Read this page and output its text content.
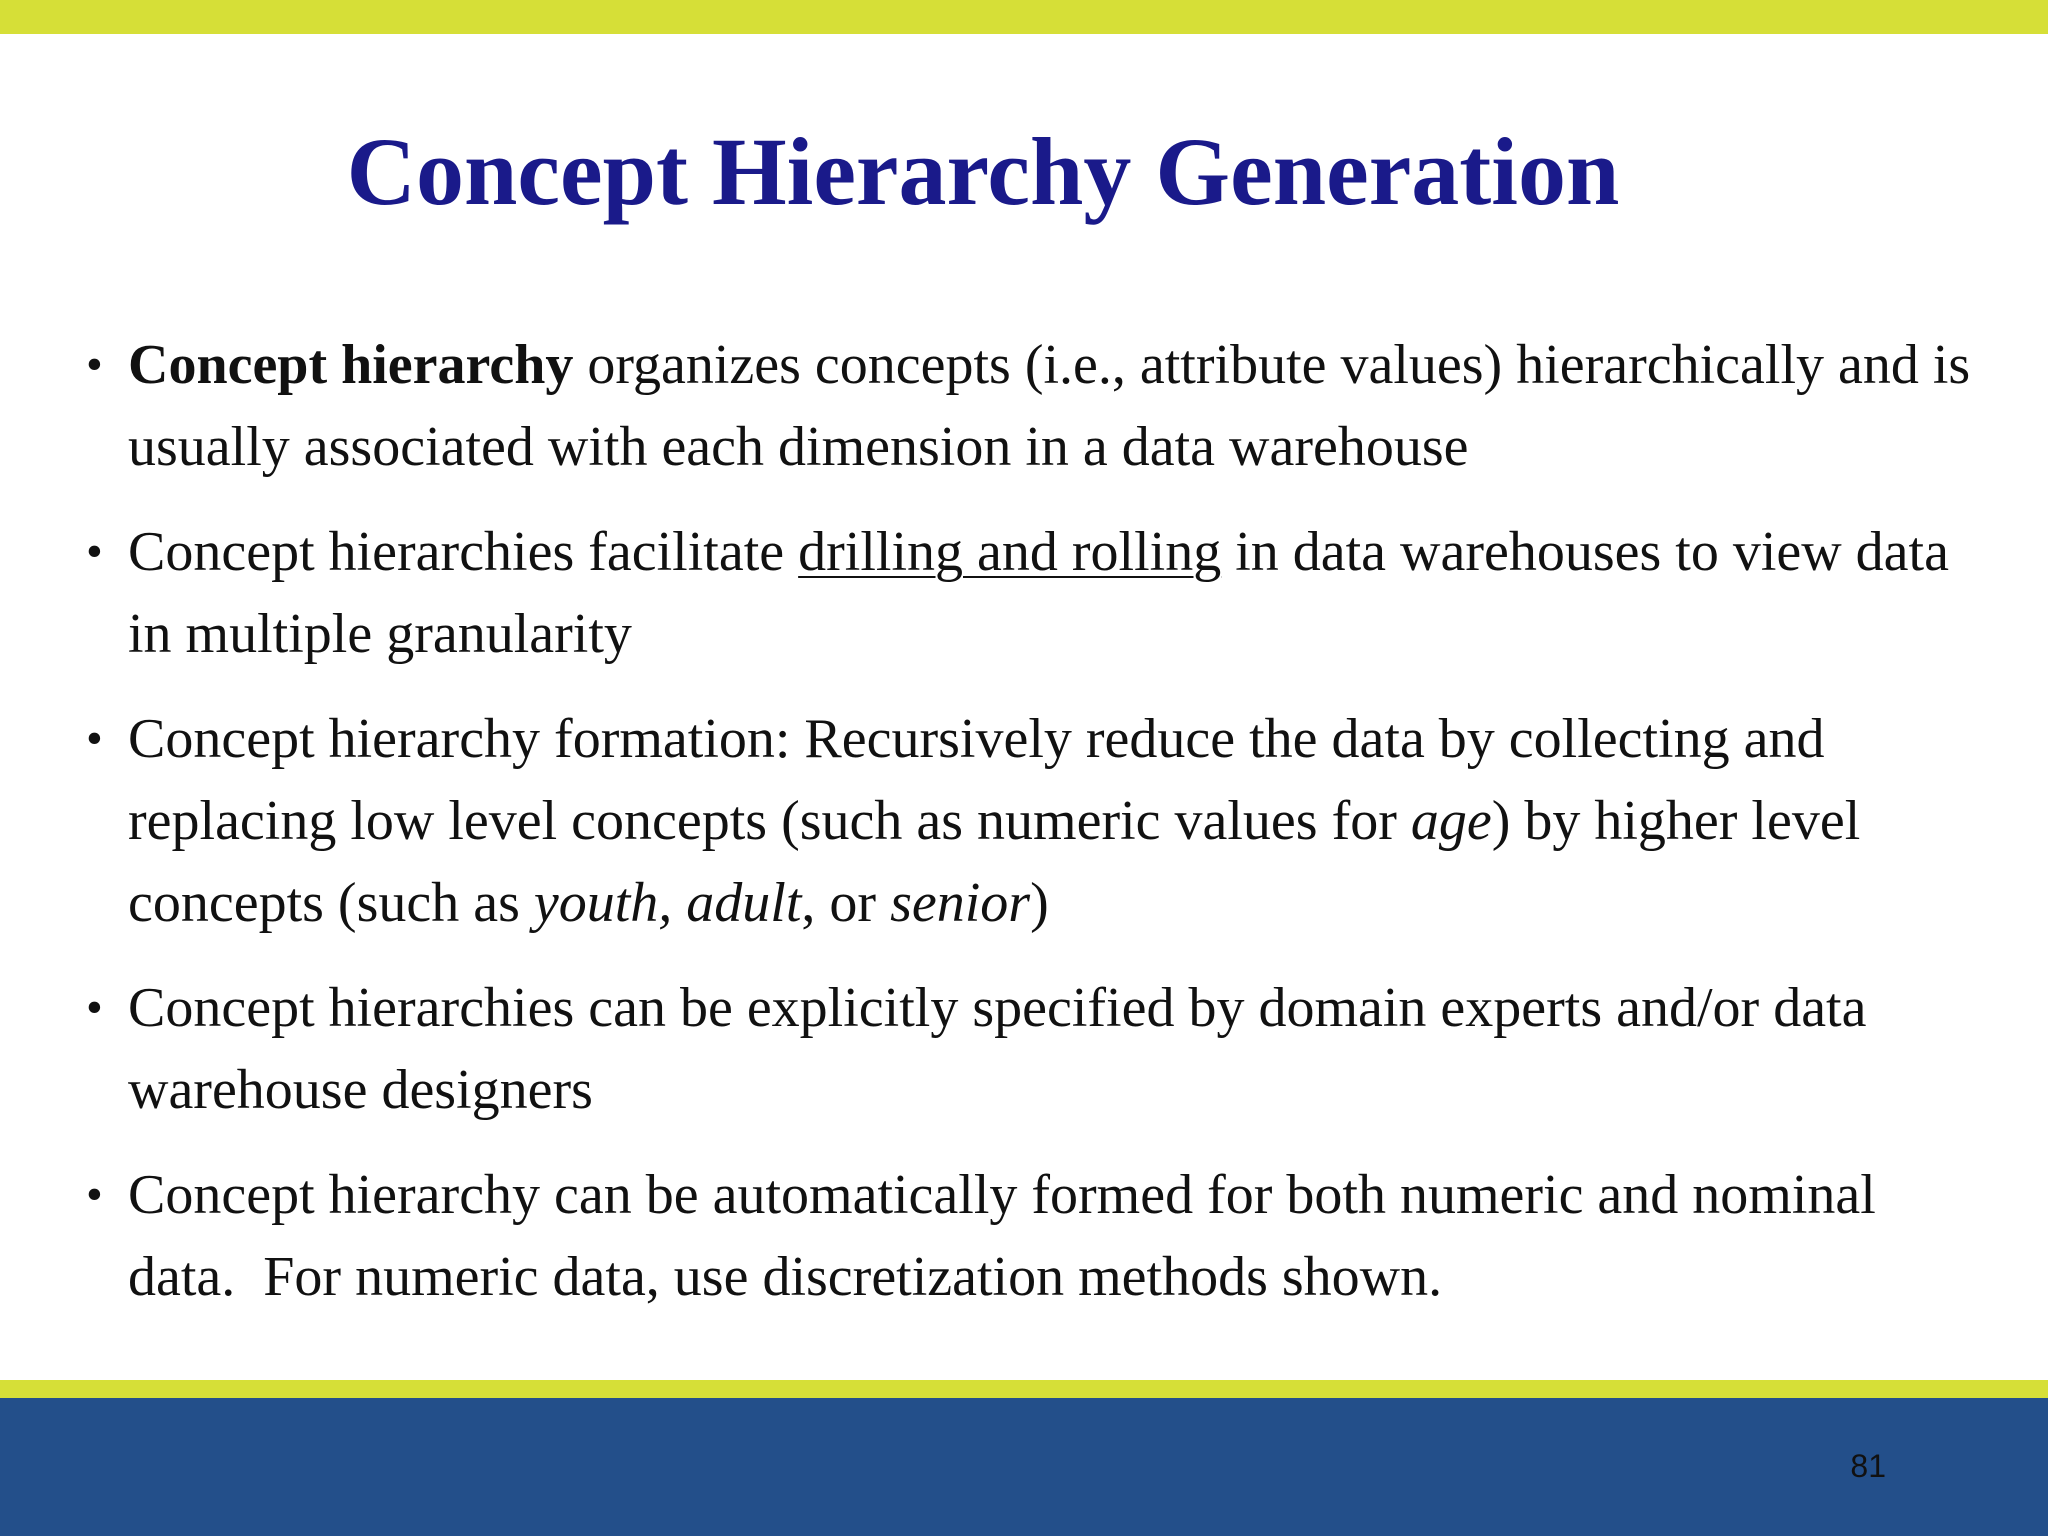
Concept Hierarchy Generation
• Concept hierarchy organizes concepts (i.e., attribute values) hierarchically and is usually associated with each dimension in a data warehouse
• Concept hierarchies facilitate drilling and rolling in data warehouses to view data in multiple granularity
• Concept hierarchy formation: Recursively reduce the data by collecting and replacing low level concepts (such as numeric values for age) by higher level concepts (such as youth, adult, or senior)
• Concept hierarchies can be explicitly specified by domain experts and/or data warehouse designers
• Concept hierarchy can be automatically formed for both numeric and nominal data.  For numeric data, use discretization methods shown.
81
